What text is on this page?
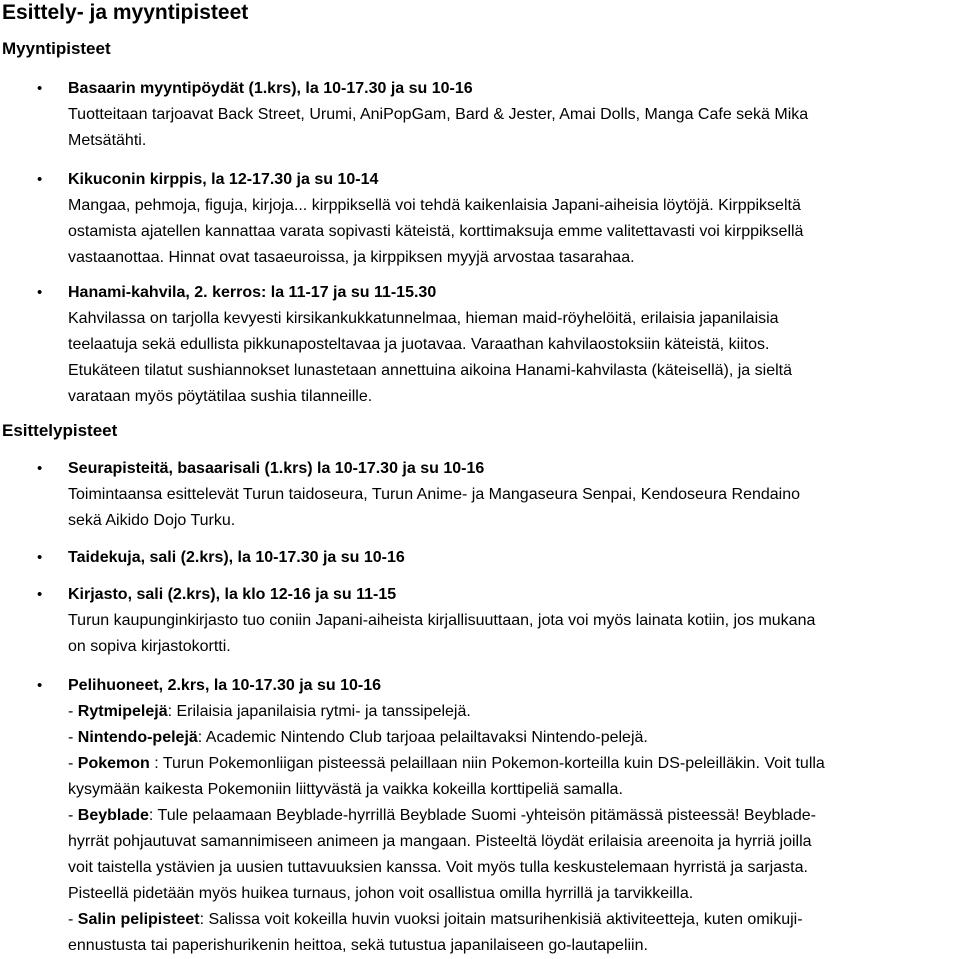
Esittely- ja myyntipisteet
Myyntipisteet
• Basaarin myyntipöydät (1.krs), la 10-17.30 ja su 10-16
Tuotteitaan tarjoavat Back Street, Urumi, AniPopGam, Bard & Jester, Amai Dolls, Manga Cafe sekä Mika
Metsätähti.
• Kikuconin kirppis, la 12-17.30 ja su 10-14
Mangaa, pehmoja, figuja, kirjoja... kirppiksellä voi tehdä kaikenlaisia Japani-aiheisia löytöjä. Kirppikseltä
ostamista ajatellen kannattaa varata sopivasti käteistä, korttimaksuja emme valitettavasti voi kirppiksellä
vastaanottaa. Hinnat ovat tasaeuroissa, ja kirppiksen myyjä arvostaa tasarahaa.
• Hanami-kahvila, 2. kerros: la 11-17 ja su 11-15.30
Kahvilassa on tarjolla kevyesti kirsikankukkatunnelmaa, hieman maid-röyhelöitä, erilaisia japanilaisia
teelaatuja sekä edullista pikkunaposteltavaa ja juotavaa. Varaathan kahvilaostoksiin käteistä, kiitos.
Etukäteen tilatut sushiannokset lunastetaan annettuina aikoina Hanami-kahvilasta (käteisellä), ja sieltä
varataan myös pöytätilaa sushia tilanneille.
Esittelypisteet
• Seurapisteitä, basaarisali (1.krs) la 10-17.30 ja su 10-16
Toimintaansa esittelevät Turun taidoseura, Turun Anime- ja Mangaseura Senpai, Kendoseura Rendaino
sekä Aikido Dojo Turku.
• Taidekuja, sali (2.krs), la 10-17.30 ja su 10-16
• Kirjasto, sali (2.krs), la klo 12-16 ja su 11-15
Turun kaupunginkirjasto tuo coniin Japani-aiheista kirjallisuuttaan, jota voi myös lainata kotiin, jos mukana
on sopiva kirjastokortti.
• Pelihuoneet, 2.krs, la 10-17.30 ja su 10-16
- Rytmipelejä: Erilaisia japanilaisia rytmi- ja tanssipelejä.
- Nintendo-pelejä: Academic Nintendo Club tarjoaa pelailtavaksi Nintendo-pelejä.
- Pokemon : Turun Pokemonliigan pisteessä pelaillaan niin Pokemon-korteilla kuin DS-peleilläkin. Voit tulla
kysymään kaikesta Pokemoniin liittyvästä ja vaikka kokeilla korttipeliä samalla.
- Beyblade: Tule pelaamaan Beyblade-hyrrillä Beyblade Suomi -yhteisön pitämässä pisteessä! Beyblade-
hyrrät pohjautuvat samannimiseen animeen ja mangaan. Pisteeltä löydät erilaisia areenoita ja hyrriä joilla
voit taistella ystävien ja uusien tuttavuuksien kanssa. Voit myös tulla keskustelemaan hyrristä ja sarjasta.
Pisteellä pidetään myös huikea turnaus, johon voit osallistua omilla hyrrillä ja tarvikkeilla.
- Salin pelipisteet: Salissa voit kokeilla huvin vuoksi joitain matsurihenkisiä aktiviteetteja, kuten omikuji-
ennustusta tai paperishurikenin heittoa, sekä tutustua japanilaiseen go-lautapeliin.
